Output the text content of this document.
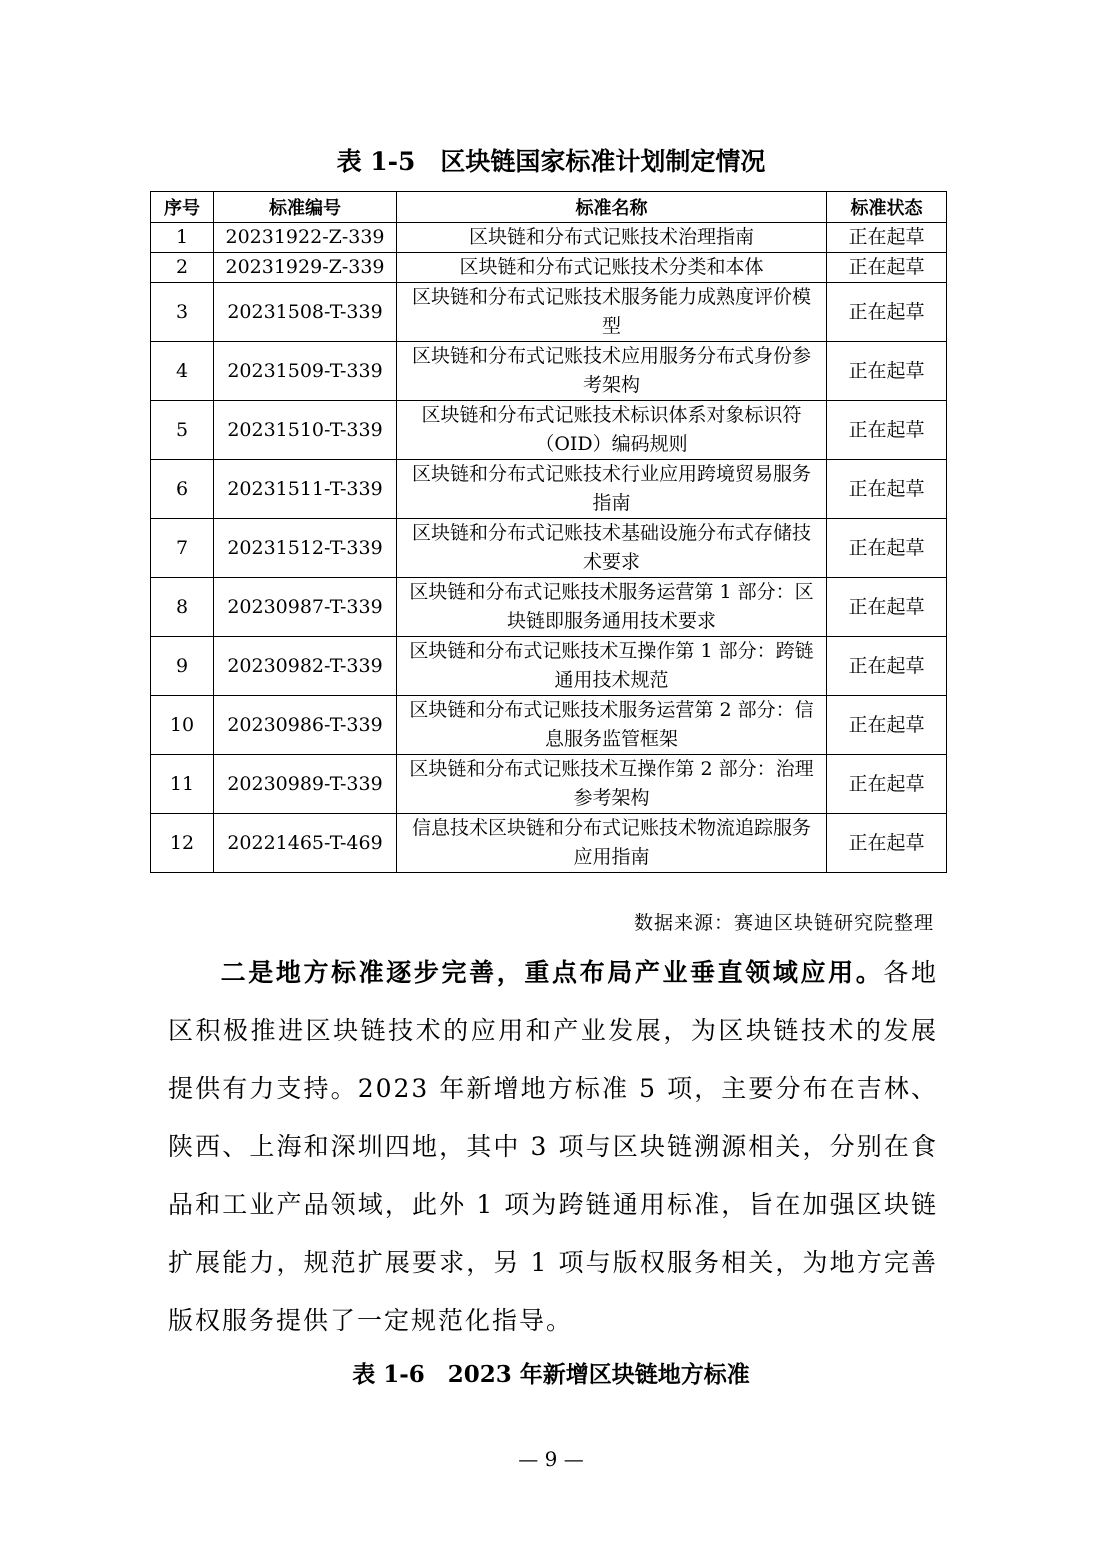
表 1-5　区块链国家标准计划制定情况
序号	标准编号	标准名称	标准状态
1	20231922-Z-339	区块链和分布式记账技术治理指南	正在起草
2	20231929-Z-339	区块链和分布式记账技术分类和本体	正在起草
3	20231508-T-339	区块链和分布式记账技术服务能力成熟度评价模型	正在起草
4	20231509-T-339	区块链和分布式记账技术应用服务分布式身份参考架构	正在起草
5	20231510-T-339	区块链和分布式记账技术标识体系对象标识符（OID）编码规则	正在起草
6	20231511-T-339	区块链和分布式记账技术行业应用跨境贸易服务指南	正在起草
7	20231512-T-339	区块链和分布式记账技术基础设施分布式存储技术要求	正在起草
8	20230987-T-339	区块链和分布式记账技术服务运营第 1 部分：区块链即服务通用技术要求	正在起草
9	20230982-T-339	区块链和分布式记账技术互操作第 1 部分：跨链通用技术规范	正在起草
10	20230986-T-339	区块链和分布式记账技术服务运营第 2 部分：信息服务监管框架	正在起草
11	20230989-T-339	区块链和分布式记账技术互操作第 2 部分：治理参考架构	正在起草
12	20221465-T-469	信息技术区块链和分布式记账技术物流追踪服务应用指南	正在起草
数据来源：赛迪区块链研究院整理
二是地方标准逐步完善，重点布局产业垂直领域应用。各地区积极推进区块链技术的应用和产业发展，为区块链技术的发展提供有力支持。2023 年新增地方标准 5 项，主要分布在吉林、陕西、上海和深圳四地，其中 3 项与区块链溯源相关，分别在食品和工业产品领域，此外 1 项为跨链通用标准，旨在加强区块链扩展能力，规范扩展要求，另 1 项与版权服务相关，为地方完善版权服务提供了一定规范化指导。
表 1-6　2023 年新增区块链地方标准
— 9 —
